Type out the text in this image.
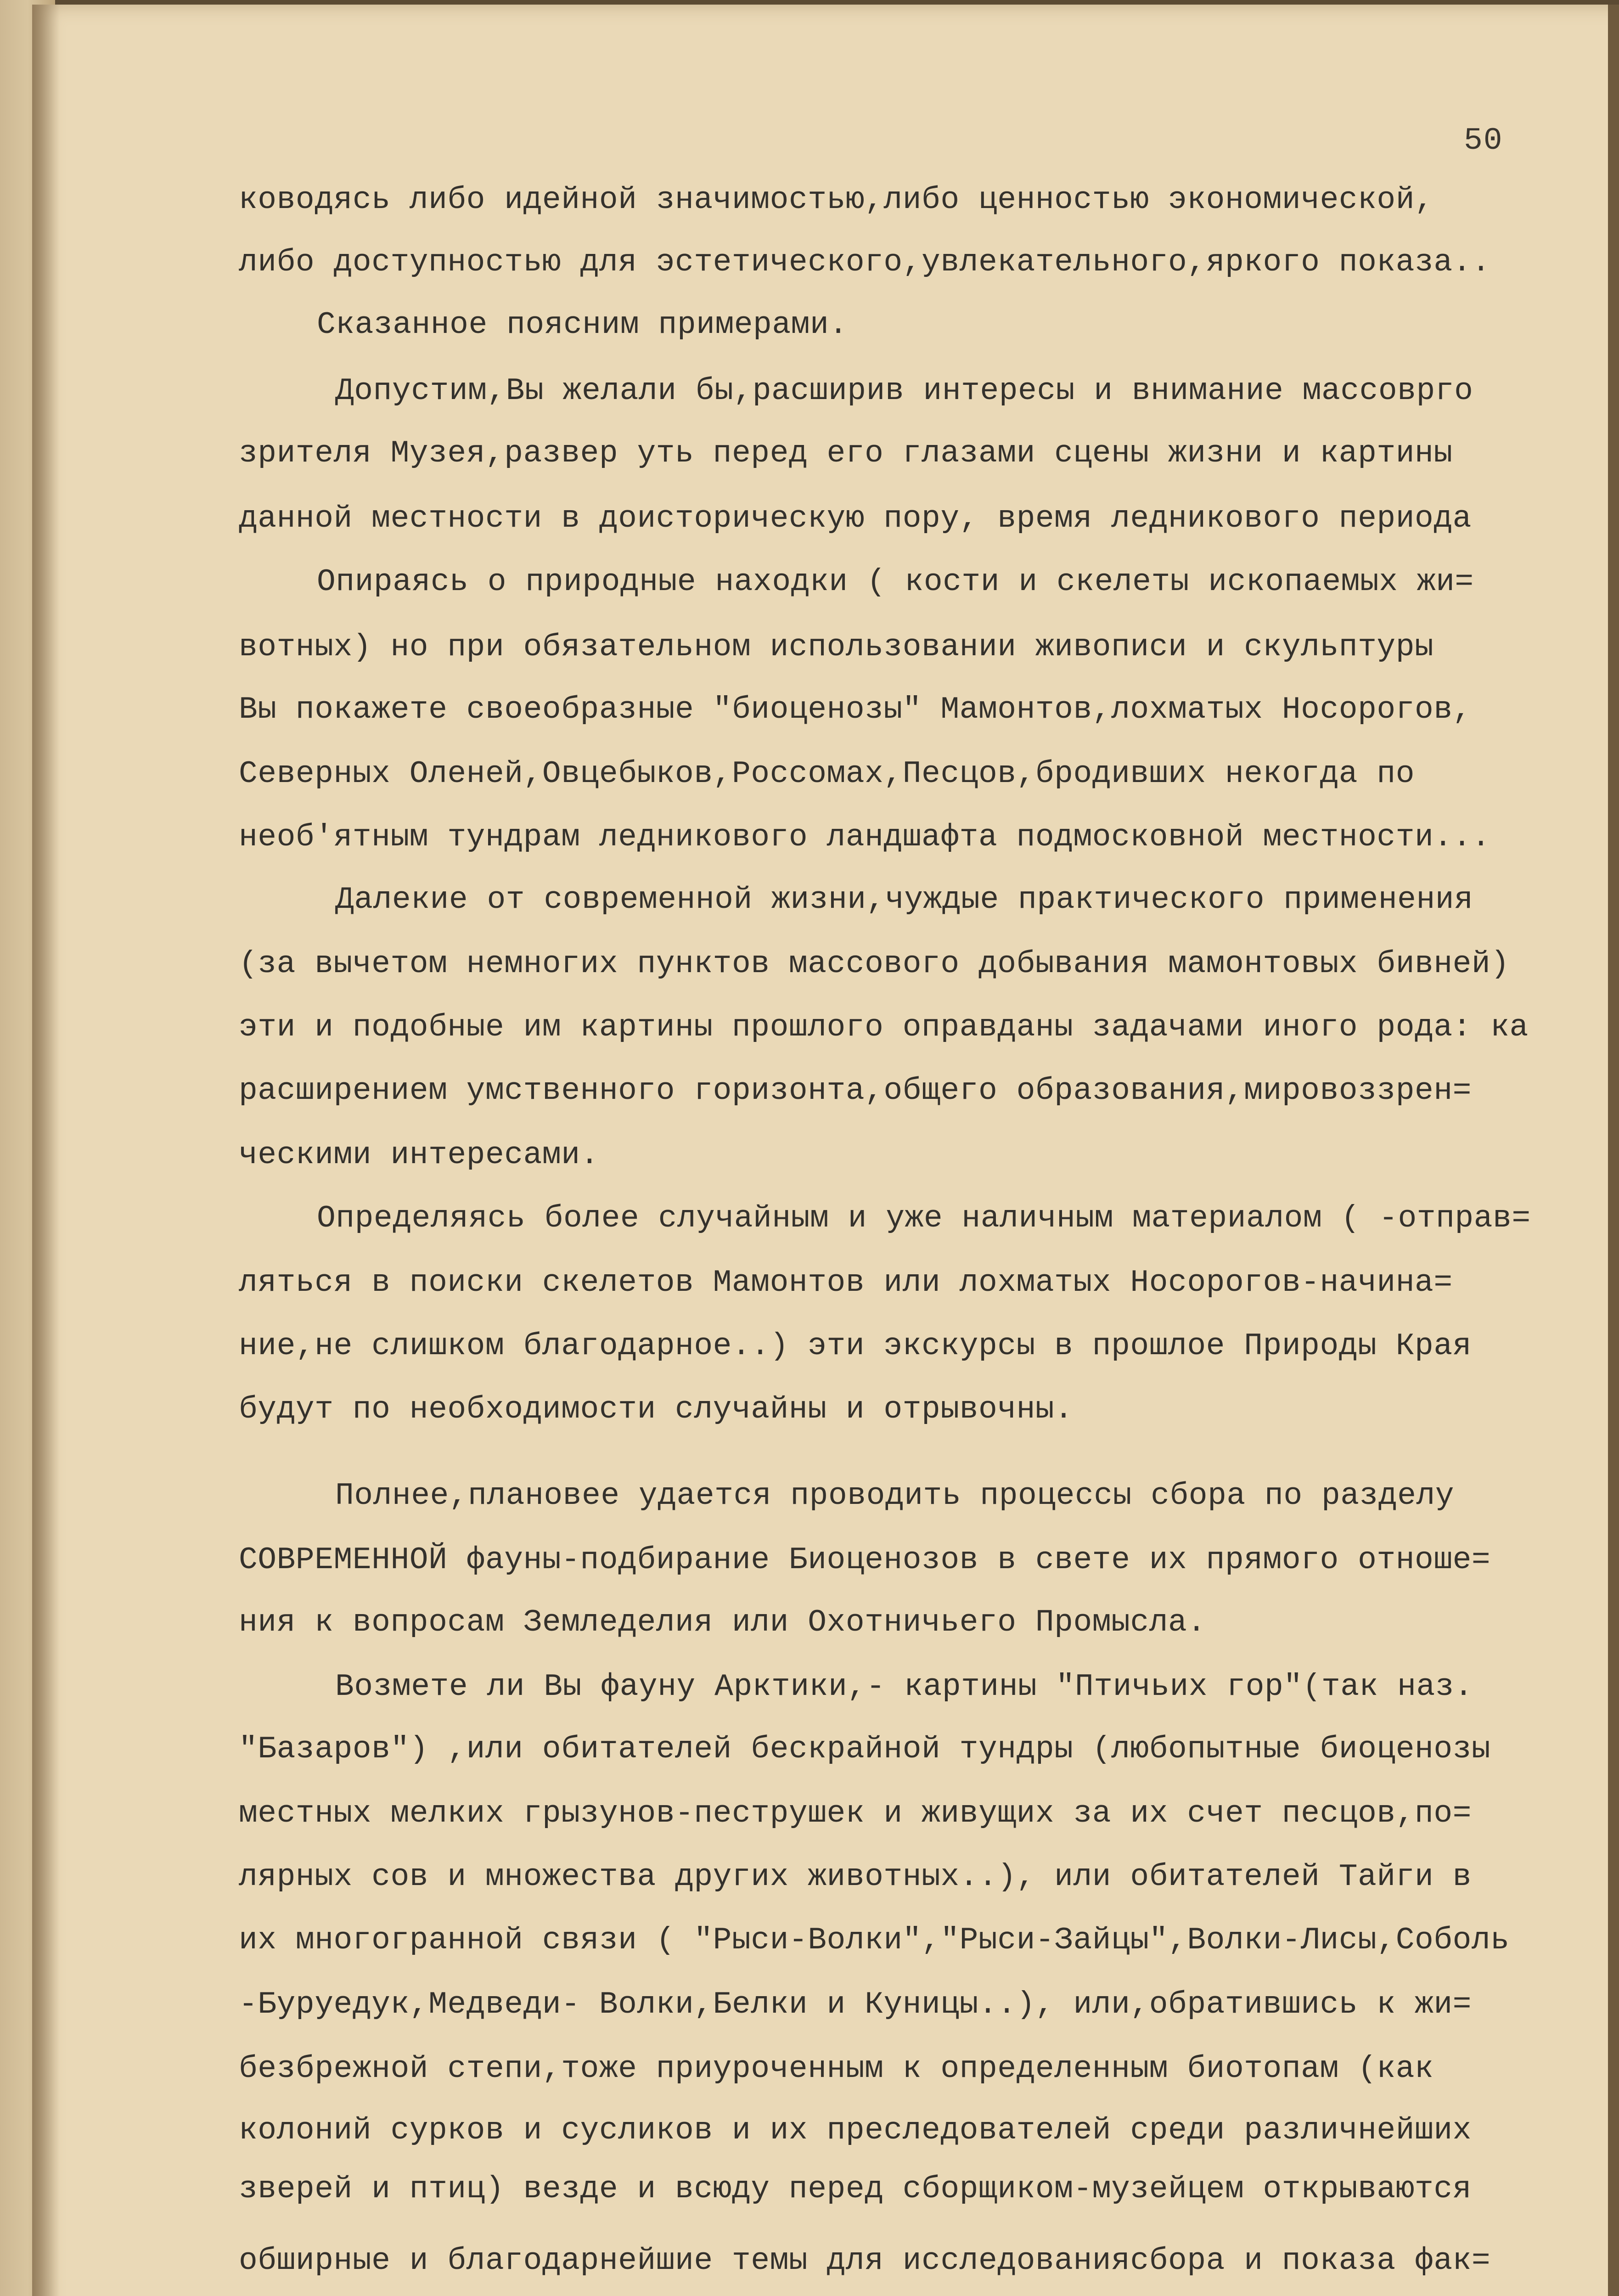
50
ководясь либо идейной значимостью,либо ценностью экономической,
либо доступностью для эстетического,увлекательного,яркого показа..
Сказанное поясним примерами.
Допустим,Вы желали бы,расширив интересы и внимание массоврго
зрителя Музея,развер уть перед его глазами сцены жизни и картины
данной местности в доисторическую пору, время ледникового периода
Опираясь о природные находки ( кости и скелеты ископаемых жи=
вотных) но при обязательном использовании живописи и скульптуры
Вы покажете своеобразные "биоценозы" Мамонтов,лохматых Носорогов,
Северных Оленей,Овцебыков,Россомах,Песцов,бродивших некогда по
необ'ятным тундрам ледникового ландшафта подмосковной местности...
Далекие от современной жизни,чуждые практического применения
(за вычетом немногих пунктов массового добывания мамонтовых бивней)
эти и подобные им картины прошлого оправданы задачами иного рода: ка
расширением умственного горизонта,общего образования,мировоззрен=
ческими интересами.
Определяясь более случайным и уже наличным материалом ( -отправ=
ляться в поиски скелетов Мамонтов или лохматых Носорогов-начина=
ние,не слишком благодарное..) эти экскурсы в прошлое Природы Края
будут по необходимости случайны и отрывочны.
Полнее,плановее удается проводить процессы сбора по разделу
СОВРЕМЕННОЙ фауны-подбирание Биоценозов в свете их прямого отноше=
ния к вопросам Земледелия или Охотничьего Промысла.
Возмете ли Вы фауну Арктики,- картины "Птичьих гор"(так наз.
"Базаров") ,или обитателей бескрайной тундры (любопытные биоценозы
местных мелких грызунов-пеструшек и живущих за их счет песцов,по=
лярных сов и множества других животных..), или обитателей Тайги в
их многогранной связи ( "Рыси-Волки","Рыси-Зайцы",Волки-Лисы,Соболь
-Буруедук,Медведи- Волки,Белки и Куницы..), или,обратившись к жи=
безбрежной степи,тоже приуроченным к определенным биотопам (как
колоний сурков и сусликов и их преследователей среди различнейших
зверей и птиц) везде и всюду перед сборщиком-музейцем открываются
обширные и благодарнейшие темы для исследованиясбора и показа фак=
